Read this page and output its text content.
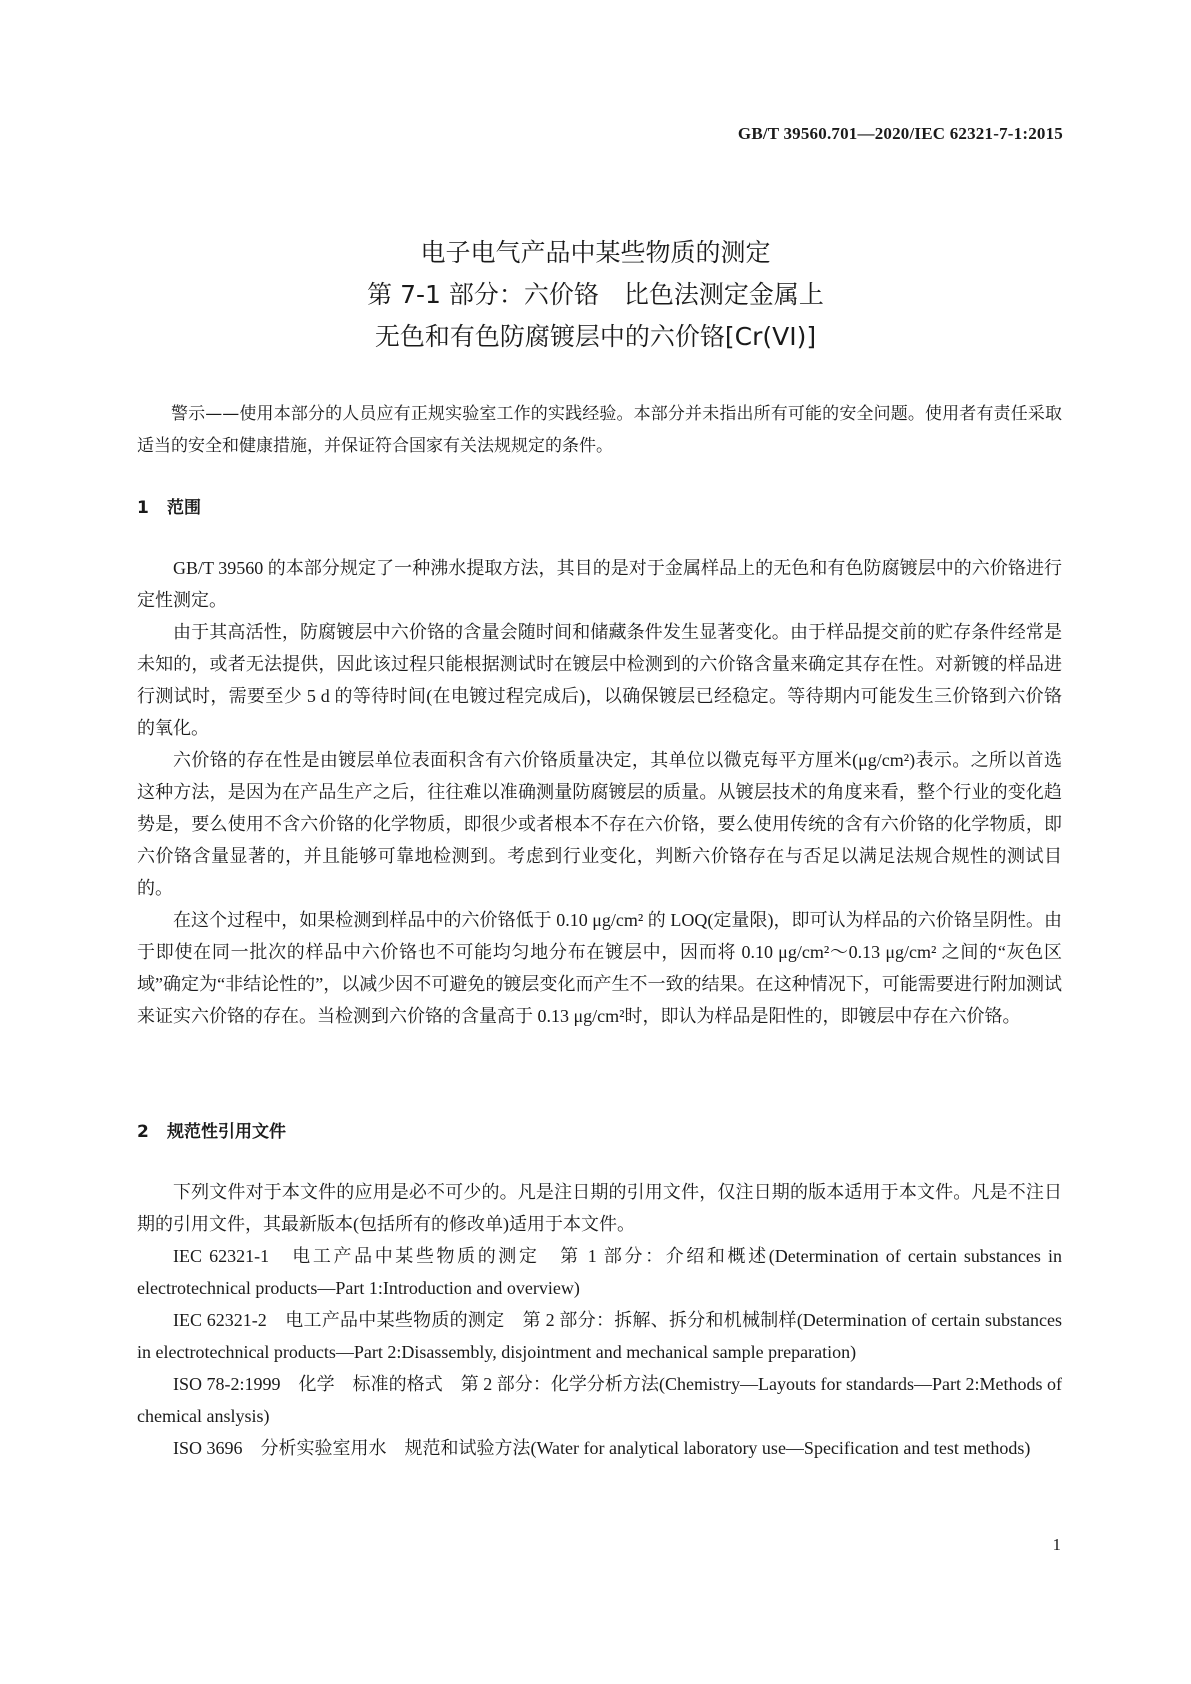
GB/T 39560.701—2020/IEC 62321-7-1:2015
电子电气产品中某些物质的测定
第 7-1 部分：六价铬　比色法测定金属上
无色和有色防腐镀层中的六价铬[Cr(VI)]
警示——使用本部分的人员应有正规实验室工作的实践经验。本部分并未指出所有可能的安全问题。使用者有责任采取适当的安全和健康措施，并保证符合国家有关法规规定的条件。
1 范围

GB/T 39560 的本部分规定了一种沸水提取方法，其目的是对于金属样品上的无色和有色防腐镀层中的六价铬进行定性测定。

由于其高活性，防腐镀层中六价铬的含量会随时间和储藏条件发生显著变化。由于样品提交前的贮存条件经常是未知的，或者无法提供，因此该过程只能根据测试时在镀层中检测到的六价铬含量来确定其存在性。对新镀的样品进行测试时，需要至少 5 d 的等待时间(在电镀过程完成后)，以确保镀层已经稳定。等待期内可能发生三价铬到六价铬的氧化。

六价铬的存在性是由镀层单位表面积含有六价铬质量决定，其单位以微克每平方厘米(μg/cm²)表示。之所以首选这种方法，是因为在产品生产之后，往往难以准确测量防腐镀层的质量。从镀层技术的角度来看，整个行业的变化趋势是，要么使用不含六价铬的化学物质，即很少或者根本不存在六价铬，要么使用传统的含有六价铬的化学物质，即六价铬含量显著的，并且能够可靠地检测到。考虑到行业变化，判断六价铬存在与否足以满足法规合规性的测试目的。

在这个过程中，如果检测到样品中的六价铬低于 0.10 μg/cm² 的 LOQ(定量限)，即可认为样品的六价铬呈阴性。由于即使在同一批次的样品中六价铬也不可能均匀地分布在镀层中，因而将 0.10 μg/cm²～0.13 μg/cm² 之间的“灰色区域”确定为“非结论性的”，以减少因不可避免的镀层变化而产生不一致的结果。在这种情况下，可能需要进行附加测试来证实六价铬的存在。当检测到六价铬的含量高于 0.13 μg/cm²时，即认为样品是阳性的，即镀层中存在六价铬。

2 规范性引用文件

下列文件对于本文件的应用是必不可少的。凡是注日期的引用文件，仅注日期的版本适用于本文件。凡是不注日期的引用文件，其最新版本(包括所有的修改单)适用于本文件。

IEC 62321-1　电工产品中某些物质的测定　第 1 部分：介绍和概述(Determination of certain substances in electrotechnical products—Part 1:Introduction and overview)

IEC 62321-2　电工产品中某些物质的测定　第 2 部分：拆解、拆分和机械制样(Determination of certain substances in electrotechnical products—Part 2:Disassembly, disjointment and mechanical sample preparation)

ISO 78-2:1999　化学　标准的格式　第 2 部分：化学分析方法(Chemistry—Layouts for standards—Part 2:Methods of chemical anslysis)

ISO 3696　分析实验室用水　规范和试验方法(Water for analytical laboratory use—Specification and test methods)

1
